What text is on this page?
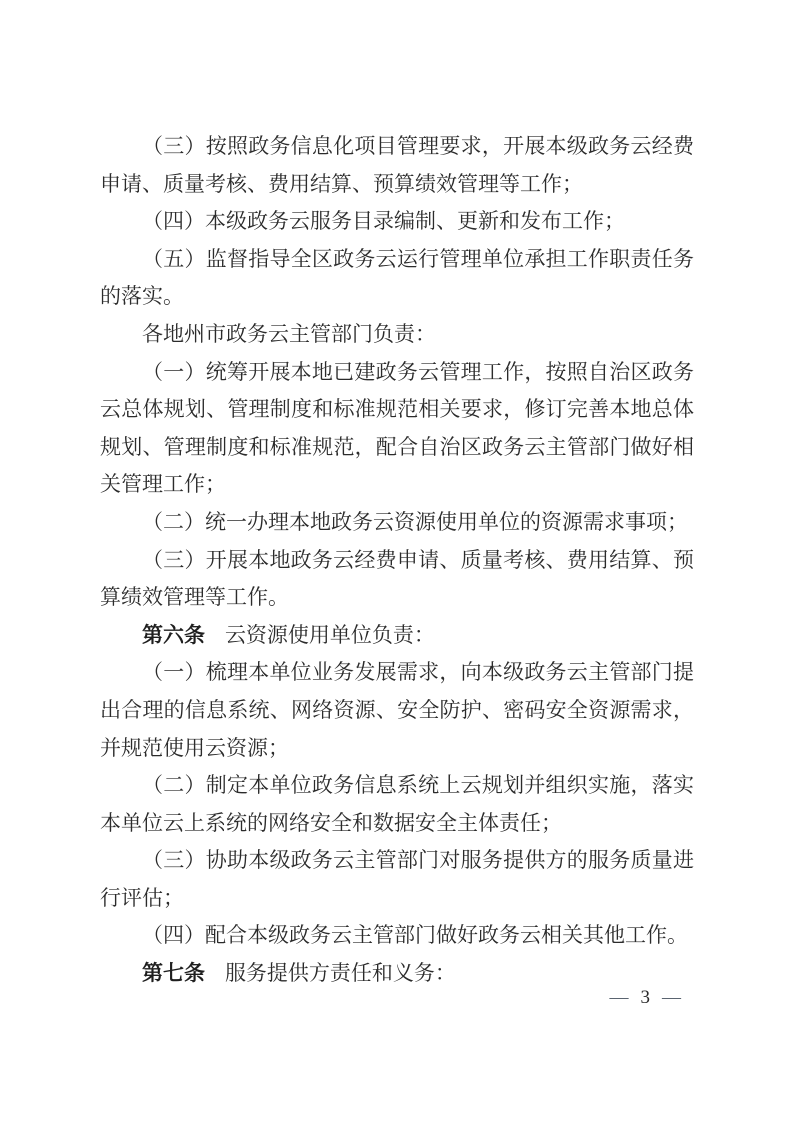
（三）按照政务信息化项目管理要求，开展本级政务云经费申请、质量考核、费用结算、预算绩效管理等工作；

（四）本级政务云服务目录编制、更新和发布工作；

（五）监督指导全区政务云运行管理单位承担工作职责任务的落实。

各地州市政务云主管部门负责：

（一）统筹开展本地已建政务云管理工作，按照自治区政务云总体规划、管理制度和标准规范相关要求，修订完善本地总体规划、管理制度和标准规范，配合自治区政务云主管部门做好相关管理工作；

（二）统一办理本地政务云资源使用单位的资源需求事项；

（三）开展本地政务云经费申请、质量考核、费用结算、预算绩效管理等工作。

第六条 云资源使用单位负责：

（一）梳理本单位业务发展需求，向本级政务云主管部门提出合理的信息系统、网络资源、安全防护、密码安全资源需求，并规范使用云资源；

（二）制定本单位政务信息系统上云规划并组织实施，落实本单位云上系统的网络安全和数据安全主体责任；

（三）协助本级政务云主管部门对服务提供方的服务质量进行评估；

（四）配合本级政务云主管部门做好政务云相关其他工作。

第七条 服务提供方责任和义务：

— 3 —
